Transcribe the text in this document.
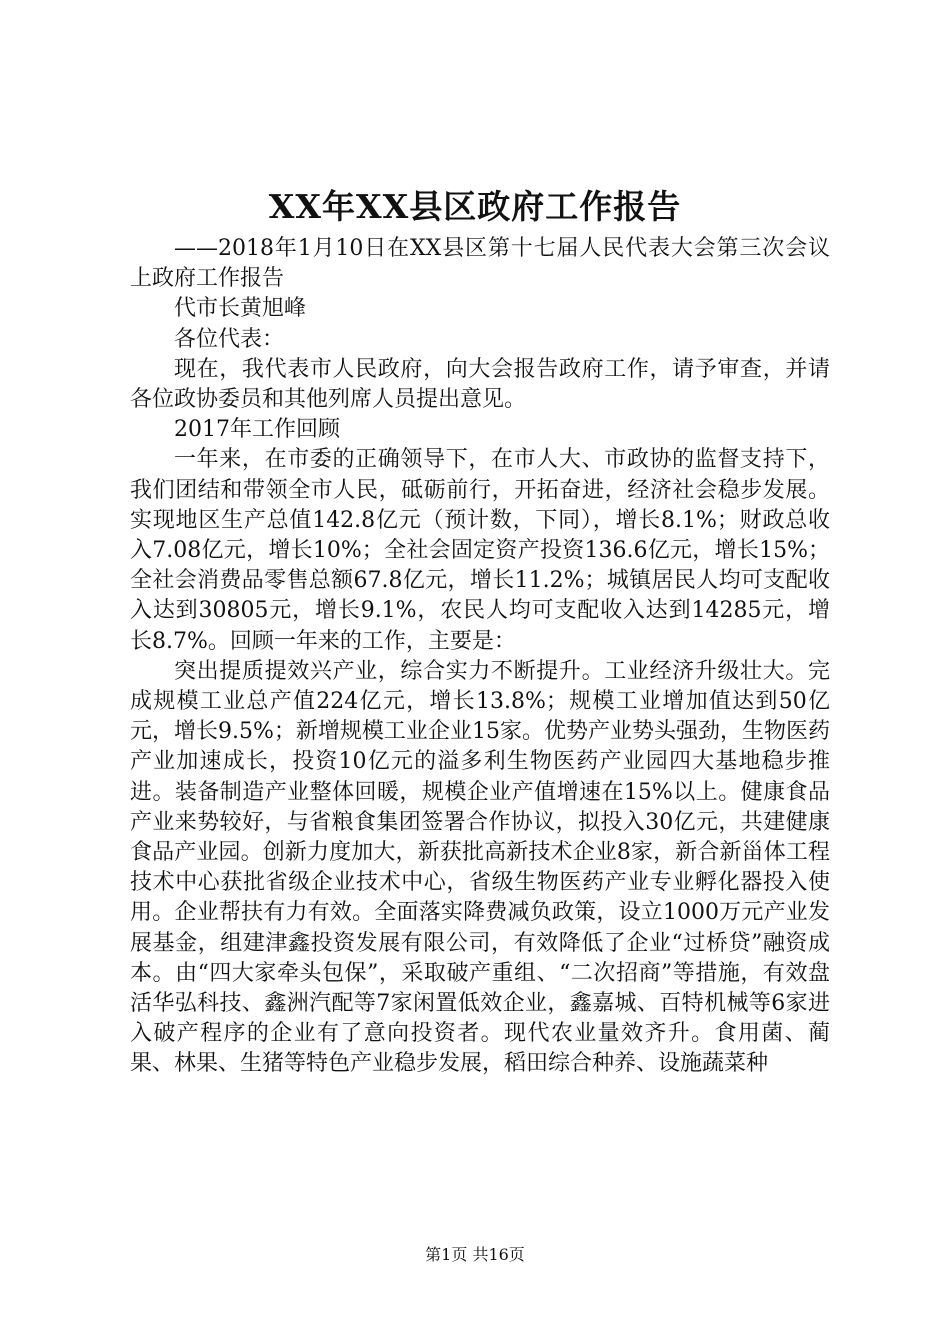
XX年XX县区政府工作报告

——2018年1月10日在XX县区第十七届人民代表大会第三次会议上政府工作报告

代市长黄旭峰

各位代表：

现在，我代表市人民政府，向大会报告政府工作，请予审查，并请各位政协委员和其他列席人员提出意见。

2017年工作回顾

一年来，在市委的正确领导下，在市人大、市政协的监督支持下，我们团结和带领全市人民，砥砺前行，开拓奋进，经济社会稳步发展。实现地区生产总值142.8亿元（预计数，下同），增长8.1%；财政总收入7.08亿元，增长10%；全社会固定资产投资136.6亿元，增长15%；全社会消费品零售总额67.8亿元，增长11.2%；城镇居民人均可支配收入达到30805元，增长9.1%，农民人均可支配收入达到14285元，增长8.7%。回顾一年来的工作，主要是：

突出提质提效兴产业，综合实力不断提升。工业经济升级壮大。完成规模工业总产值224亿元，增长13.8%；规模工业增加值达到50亿元，增长9.5%；新增规模工业企业15家。优势产业势头强劲，生物医药产业加速成长，投资10亿元的溢多利生物医药产业园四大基地稳步推进。装备制造产业整体回暖，规模企业产值增速在15%以上。健康食品产业来势较好，与省粮食集团签署合作协议，拟投入30亿元，共建健康食品产业园。创新力度加大，新获批高新技术企业8家，新合新甾体工程技术中心获批省级企业技术中心，省级生物医药产业专业孵化器投入使用。企业帮扶有力有效。全面落实降费减负政策，设立1000万元产业发展基金，组建津鑫投资发展有限公司，有效降低了企业“过桥贷”融资成本。由“四大家牵头包保”，采取破产重组、“二次招商”等措施，有效盘活华弘科技、鑫洲汽配等7家闲置低效企业，鑫嘉城、百特机械等6家进入破产程序的企业有了意向投资者。现代农业量效齐升。食用菌、蔺果、林果、生猪等特色产业稳步发展，稻田综合种养、设施蔬菜种

第1页 共16页
